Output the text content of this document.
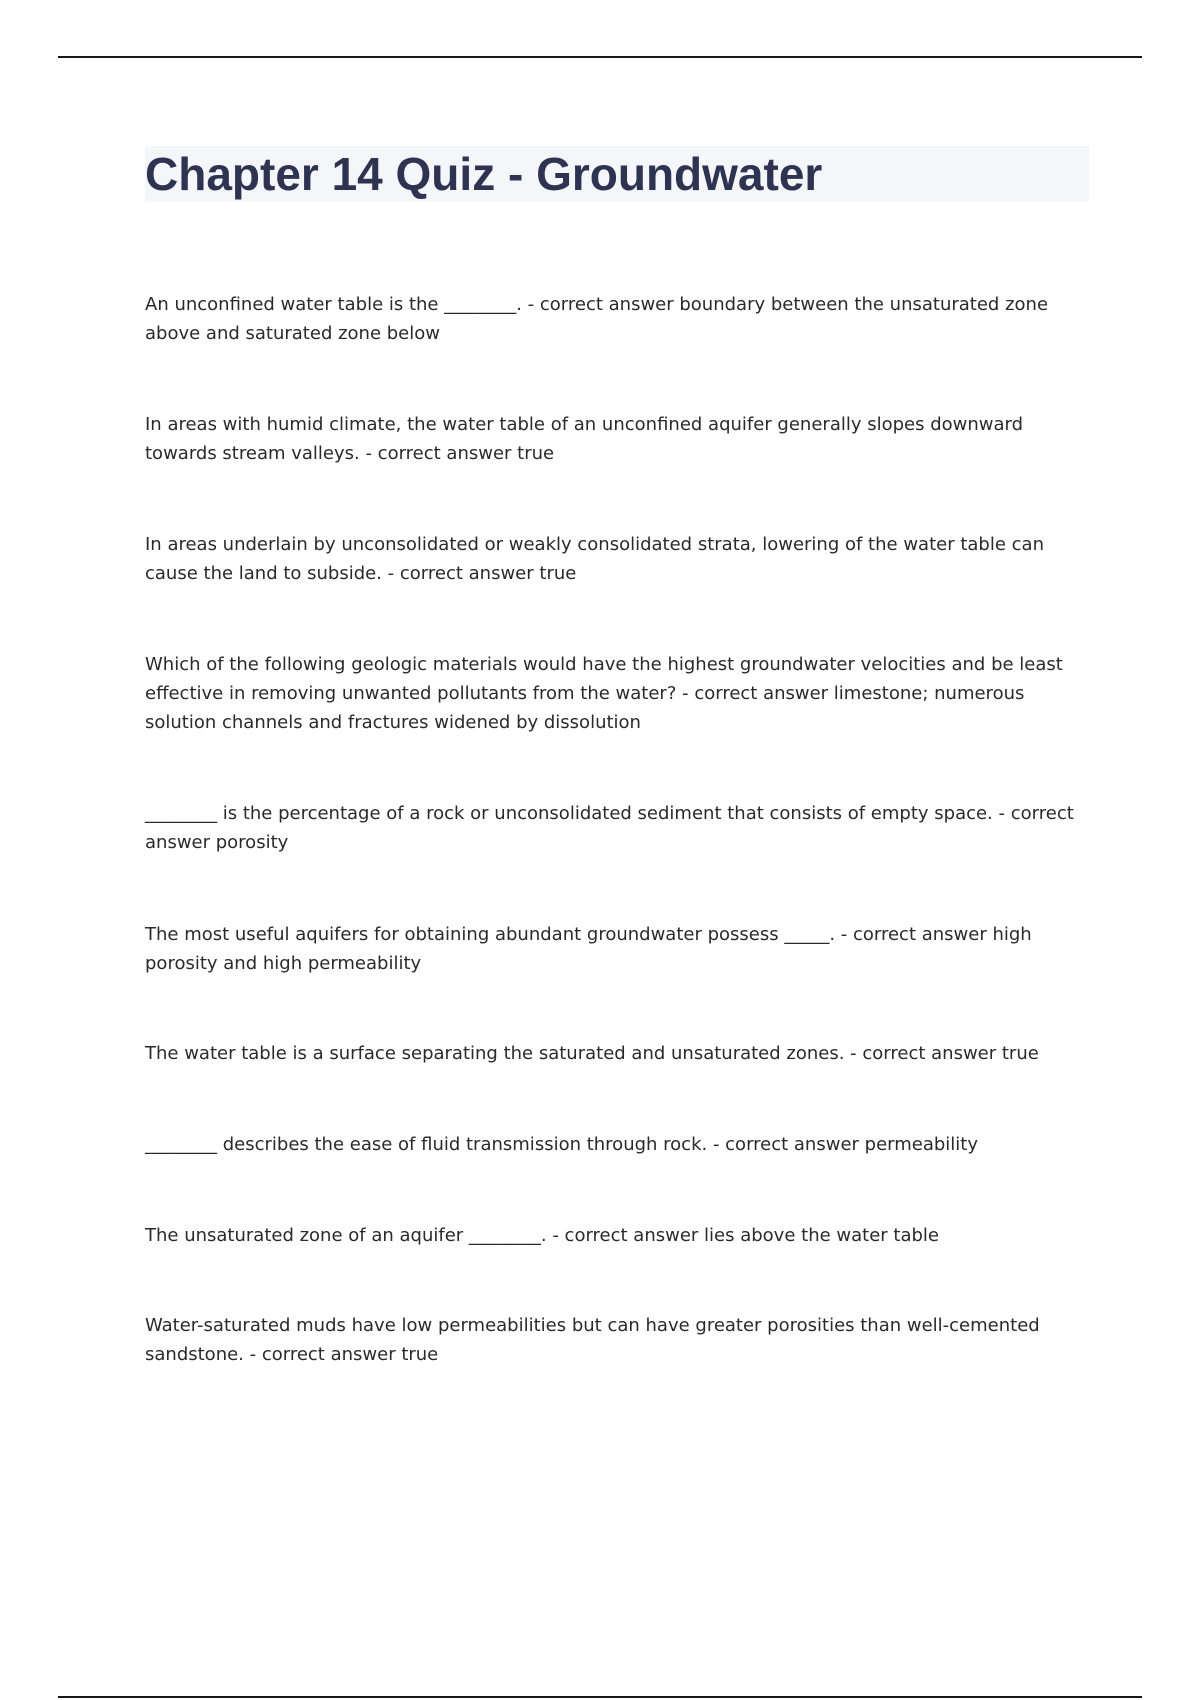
Chapter 14 Quiz - Groundwater
An unconfined water table is the ________. - correct answer boundary between the unsaturated zone above and saturated zone below
In areas with humid climate, the water table of an unconfined aquifer generally slopes downward towards stream valleys. - correct answer true
In areas underlain by unconsolidated or weakly consolidated strata, lowering of the water table can cause the land to subside. - correct answer true
Which of the following geologic materials would have the highest groundwater velocities and be least effective in removing unwanted pollutants from the water? - correct answer limestone; numerous solution channels and fractures widened by dissolution
________ is the percentage of a rock or unconsolidated sediment that consists of empty space. - correct answer porosity
The most useful aquifers for obtaining abundant groundwater possess _____. - correct answer high porosity and high permeability
The water table is a surface separating the saturated and unsaturated zones. - correct answer true
________ describes the ease of fluid transmission through rock. - correct answer permeability
The unsaturated zone of an aquifer ________. - correct answer lies above the water table
Water-saturated muds have low permeabilities but can have greater porosities than well-cemented sandstone. - correct answer true
